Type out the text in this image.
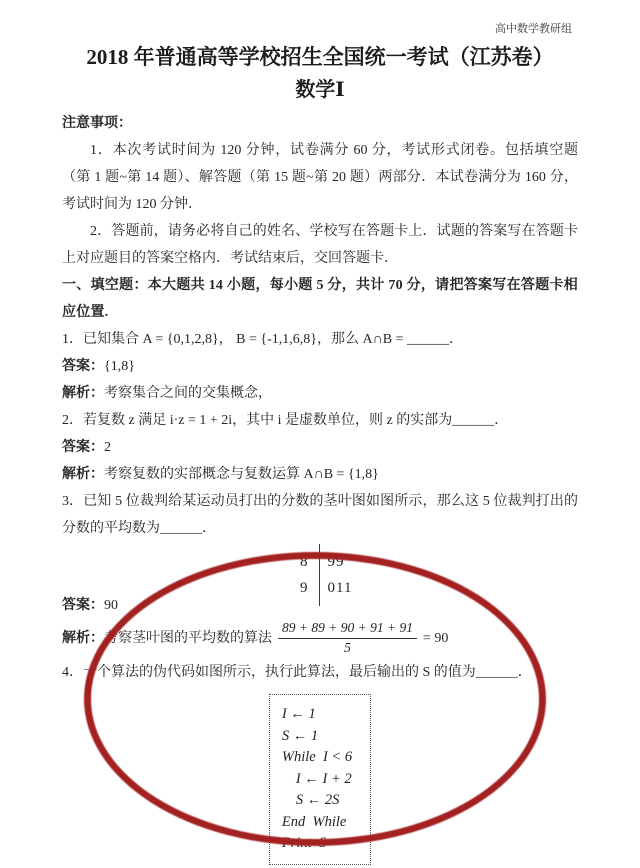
高中数学教研组
2018 年普通高等学校招生全国统一考试（江苏卷）
数学Ⅰ
注意事项：
1．本次考试时间为 120 分钟，试卷满分 60 分，考试形式闭卷。包括填空题（第 1 题~第 14 题）、解答题（第 15 题~第 20 题）两部分．本试卷满分为 160 分，考试时间为 120 分钟．
2．答题前，请务必将自己的姓名、学校写在答题卡上．试题的答案写在答题卡上对应题目的答案空格内．考试结束后，交回答题卡．
一、填空题：本大题共 14 小题，每小题 5 分，共计 70 分，请把答案写在答题卡相应位置.
1．已知集合 A = {0,1,2,8}， B = {-1,1,6,8}，那么 A∩B = ______．
答案：{1,8}
解析：考察集合之间的交集概念，
2．若复数 z 满足 i·z = 1 + 2i，其中 i 是虚数单位，则 z 的实部为______．
答案：2
解析：考察复数的实部概念与复数运算 A∩B = {1,8}
3．已知 5 位裁判给某运动员打出的分数的茎叶图如图所示，那么这 5 位裁判打出的分数的平均数为______．
8	99
9	011
答案：90
解析： 考察茎叶图的平均数的算法 $\frac{89 + 89 + 90 + 91 + 91}{5} = 90$
4．一个算法的伪代码如图所示，执行此算法，最后输出的 S 的值为______．
I ← 1
S ← 1
While  I < 6
I ← I + 2
S ← 2S
End  While
Print  S
